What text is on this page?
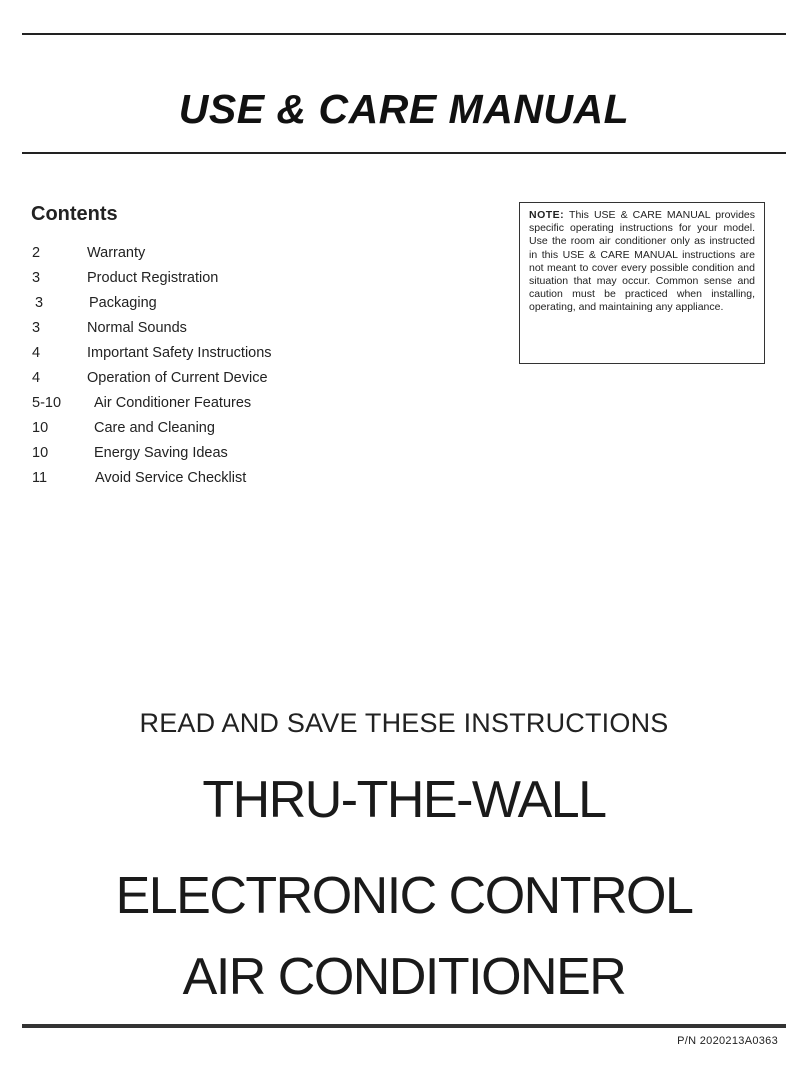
USE & CARE MANUAL
Contents
2	Warranty
3	Product Registration
3	Packaging
3	Normal Sounds
4	Important Safety Instructions
4	Operation of Current Device
5-10 Air Conditioner Features
10	Care and Cleaning
10	Energy Saving Ideas
11	Avoid Service Checklist
NOTE: This USE & CARE MANUAL provides specific operating instructions for your model. Use the room air conditioner only as instructed in this USE & CARE MANUAL instructions are not meant to cover every possible condition and situation that may occur. Common sense and caution must be practiced when installing, operating, and maintaining any appliance.
READ AND SAVE THESE INSTRUCTIONS
THRU-THE-WALL
ELECTRONIC CONTROL
AIR CONDITIONER
P/N 2020213A0363
